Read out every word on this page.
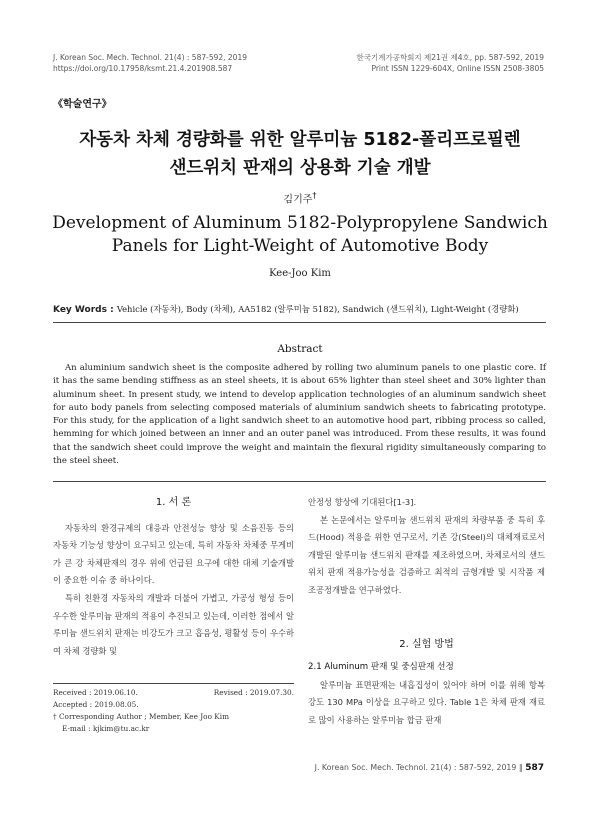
J. Korean Soc. Mech. Technol. 21(4) : 587-592, 2019
https://doi.org/10.17958/ksmt.21.4.201908.587
한국기계가공학회지 제21권 제4호, pp. 587-592, 2019
Print ISSN 1229-604X, Online ISSN 2508-3805
《학술연구》
자동차 차체 경량화를 위한 알루미늄 5182-폴리프로필렌
샌드위치 판재의 상용화 기술 개발
김기주†
Development of Aluminum 5182-Polypropylene Sandwich
Panels for Light-Weight of Automotive Body
Kee-Joo Kim
Key Words : Vehicle (자동차), Body (차체), AA5182 (알루미늄 5182), Sandwich (샌드위치), Light-Weight (경량화)
Abstract
An aluminium sandwich sheet is the composite adhered by rolling two aluminum panels to one plastic core. If it has the same bending stiffness as an steel sheets, it is about 65% lighter than steel sheet and 30% lighter than aluminum sheet. In present study, we intend to develop application technologies of an aluminum sandwich sheet for auto body panels from selecting composed materials of aluminium sandwich sheets to fabricating prototype. For this study, for the application of a light sandwich sheet to an automotive hood part, ribbing process so called, hemming for which joined between an inner and an outer panel was introduced. From these results, it was found that the sandwich sheet could improve the weight and maintain the flexural rigidity simultaneously comparing to the steel sheet.
1. 서 론

자동차의 환경규제의 대응과 안전성능 향상 및 소음진동 등의 자동차 기능성 향상이 요구되고 있는데, 특히 자동차 차체중 무게비가 큰 강 차체판재의 경우 위에 언급된 요구에 대한 대체 기술개발이 중요한 이슈 중 하나이다.

특히 친환경 자동차의 개발과 더불어 가볍고, 가공성 형성 등이 우수한 알루미늄 판재의 적용이 추진되고 있는데, 이러한 점에서 알루미늄 샌드위치 판재는 비강도가 크고 흡음성, 평활성 등이 우수하여 차체 경량화 및

안정성 향상에 기대된다[1-3].

본 논문에서는 알루미늄 샌드위치 판재의 차량부품 중 특히 후드(Hood) 적용을 위한 연구로서, 기존 강(Steel)의 대체재료로서 개발된 알루미늄 샌드위치 판재를 제조하였으며, 차체로서의 샌드위치 판재 적용가능성을 검증하고 최적의 금형개발 및 시작품 제조공정개발을 연구하였다.

2. 실험 방법
2.1 Aluminum 판재 및 중심판재 선정

알루미늄 표면판재는 내흡집성이 있어야 하며 이를 위해 항복강도 130 MPa 이상을 요구하고 있다. Table 1은 차체 판재 재료로 많이 사용하는 알루미늄 합금 판재

Received : 2019.06.10.	Revised : 2019.07.30.
Accepted : 2019.08.05.
† Corresponding Author ; Member, Kee Joo Kim
E-mail : kjkim@tu.ac.kr
J. Korean Soc. Mech. Technol. 21(4) : 587-592, 2019 ‖ 587
